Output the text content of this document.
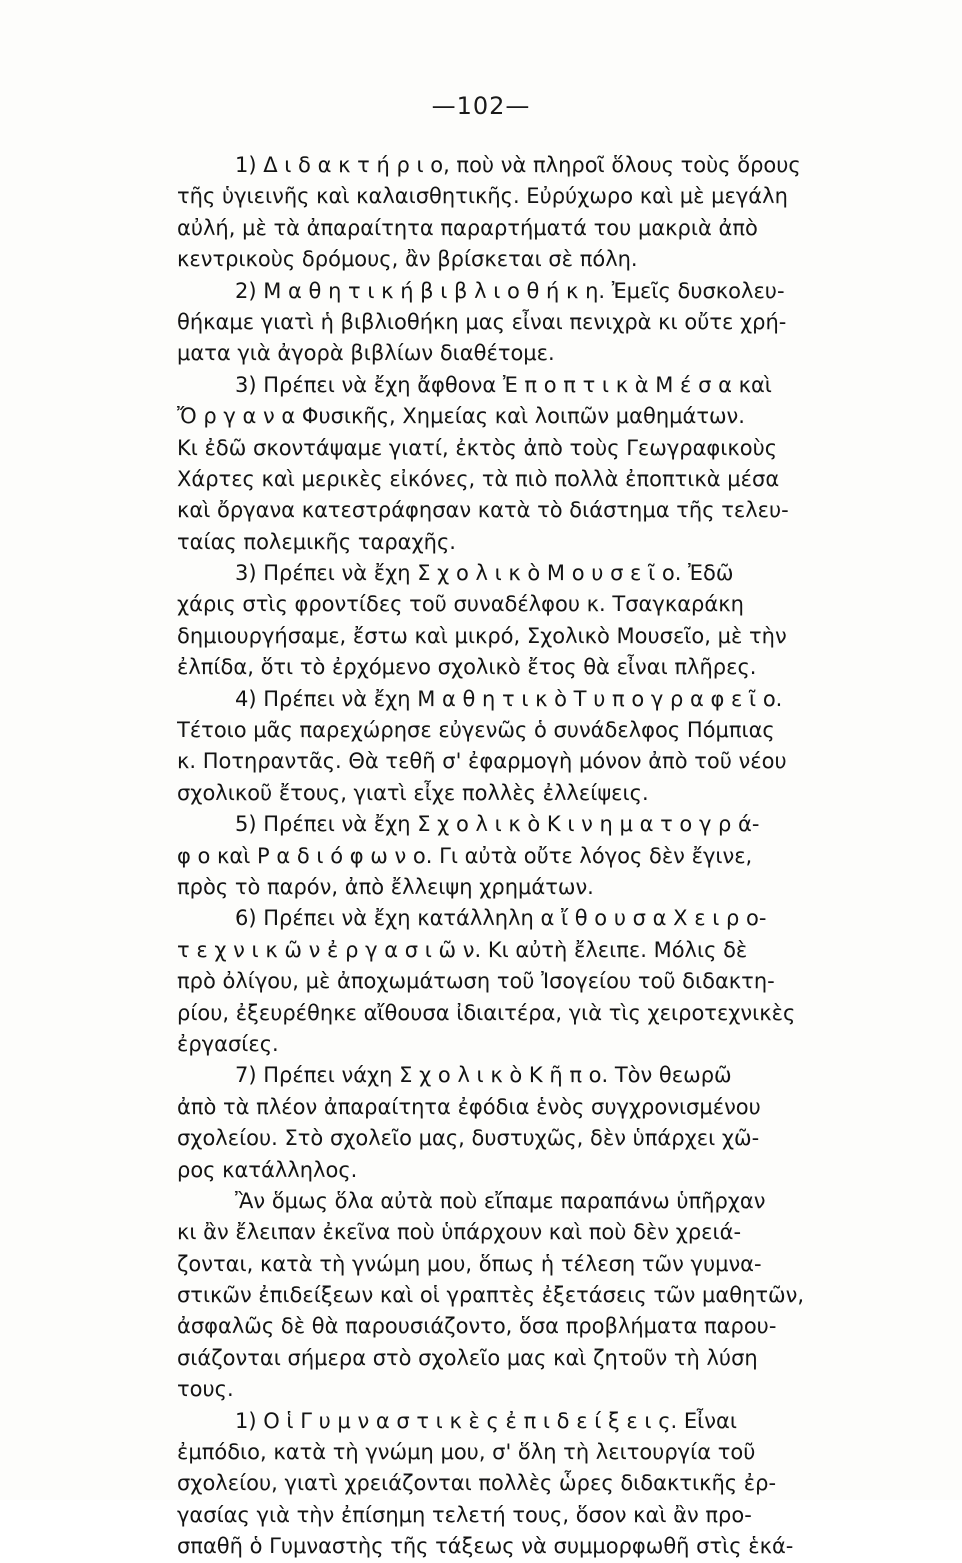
—102—
1) Δ ι δ α κ τ ή ρ ι ο, ποὺ νὰ πληροῖ ὅλους τοὺς ὅρους
τῆς ὑγιεινῆς καὶ καλαισθητικῆς. Εὐρύχωρο καὶ μὲ μεγάλη
αὐλή, μὲ τὰ ἀπαραίτητα παραρτήματά του μακριὰ ἀπὸ
κεντρικοὺς δρόμους, ἂν βρίσκεται σὲ πόλη.
2) Μ α θ η τ ι κ ή β ι β λ ι ο θ ή κ η. Ἐμεῖς δυσκολευ-
θήκαμε γιατὶ ἡ βιβλιοθήκη μας εἶναι πενιχρὰ κι οὔτε χρή-
ματα γιὰ ἀγορὰ βιβλίων διαθέτομε.
3) Πρέπει νὰ ἔχη ἄφθονα Ἐ π ο π τ ι κ ὰ Μ έ σ α καὶ
Ὄ ρ γ α ν α Φυσικῆς, Χημείας καὶ λοιπῶν μαθημάτων.
Κι ἐδῶ σκοντάψαμε γιατί, ἐκτὸς ἀπὸ τοὺς Γεωγραφικοὺς
Χάρτες καὶ μερικὲς εἰκόνες, τὰ πιὸ πολλὰ ἐποπτικὰ μέσα
καὶ ὄργανα κατεστράφησαν κατὰ τὸ διάστημα τῆς τελευ-
ταίας πολεμικῆς ταραχῆς.
3) Πρέπει νὰ ἔχη Σ χ ο λ ι κ ὸ Μ ο υ σ ε ῖ ο. Ἐδῶ
χάρις στὶς φροντίδες τοῦ συναδέλφου κ. Τσαγκαράκη
δημιουργήσαμε, ἔστω καὶ μικρό, Σχολικὸ Μουσεῖο, μὲ τὴν
ἐλπίδα, ὅτι τὸ ἐρχόμενο σχολικὸ ἔτος θὰ εἶναι πλῆρες.
4) Πρέπει νὰ ἔχη Μ α θ η τ ι κ ὸ Τ υ π ο γ ρ α φ ε ῖ ο.
Τέτοιο μᾶς παρεχώρησε εὐγενῶς ὁ συνάδελφος Πόμπιας
κ. Ποτηραντᾶς. Θὰ τεθῆ σ' ἐφαρμογὴ μόνον ἀπὸ τοῦ νέου
σχολικοῦ ἔτους, γιατὶ εἶχε πολλὲς ἐλλείψεις.
5) Πρέπει νὰ ἔχη Σ χ ο λ ι κ ὸ Κ ι ν η μ α τ ο γ ρ ά-
φ ο καὶ Ρ α δ ι ό φ ω ν ο. Γι αὐτὰ οὔτε λόγος δὲν ἔγινε,
πρὸς τὸ παρόν, ἀπὸ ἔλλειψη χρημάτων.
6) Πρέπει νὰ ἔχη κατάλληλη α ἴ θ ο υ σ α Χ ε ι ρ ο-
τ ε χ ν ι κ ῶ ν ἐ ρ γ α σ ι ῶ ν. Κι αὐτὴ ἔλειπε. Μόλις δὲ
πρὸ ὀλίγου, μὲ ἀποχωμάτωση τοῦ Ἰσογείου τοῦ διδακτη-
ρίου, ἐξευρέθηκε αἴθουσα ἰδιαιτέρα, γιὰ τὶς χειροτεχνικὲς
ἐργασίες.
7) Πρέπει νάχη Σ χ ο λ ι κ ὸ Κ ῆ π ο. Τὸν θεωρῶ
ἀπὸ τὰ πλέον ἀπαραίτητα ἐφόδια ἑνὸς συγχρονισμένου
σχολείου. Στὸ σχολεῖο μας, δυστυχῶς, δὲν ὑπάρχει χῶ-
ρος κατάλληλος.
Ἂν ὅμως ὅλα αὐτὰ ποὺ εἴπαμε παραπάνω ὑπῆρχαν
κι ἂν ἔλειπαν ἐκεῖνα ποὺ ὑπάρχουν καὶ ποὺ δὲν χρειά-
ζονται, κατὰ τὴ γνώμη μου, ὅπως ἡ τέλεση τῶν γυμνα-
στικῶν ἐπιδείξεων καὶ οἱ γραπτὲς ἐξετάσεις τῶν μαθητῶν,
ἀσφαλῶς δὲ θὰ παρουσιάζοντο, ὅσα προβλήματα παρου-
σιάζονται σήμερα στὸ σχολεῖο μας καὶ ζητοῦν τὴ λύση
τους.
1) Ο ἱ Γ υ μ ν α σ τ ι κ ὲ ς ἐ π ι δ ε ί ξ ε ι ς. Εἶναι
ἐμπόδιο, κατὰ τὴ γνώμη μου, σ' ὅλη τὴ λειτουργία τοῦ
σχολείου, γιατὶ χρειάζονται πολλὲς ὧρες διδακτικῆς ἐρ-
γασίας γιὰ τὴν ἐπίσημη τελετή τους, ὅσον καὶ ἂν προ-
σπαθῆ ὁ Γυμναστὴς τῆς τάξεως νὰ συμμορφωθῆ στὶς ἑκά-
